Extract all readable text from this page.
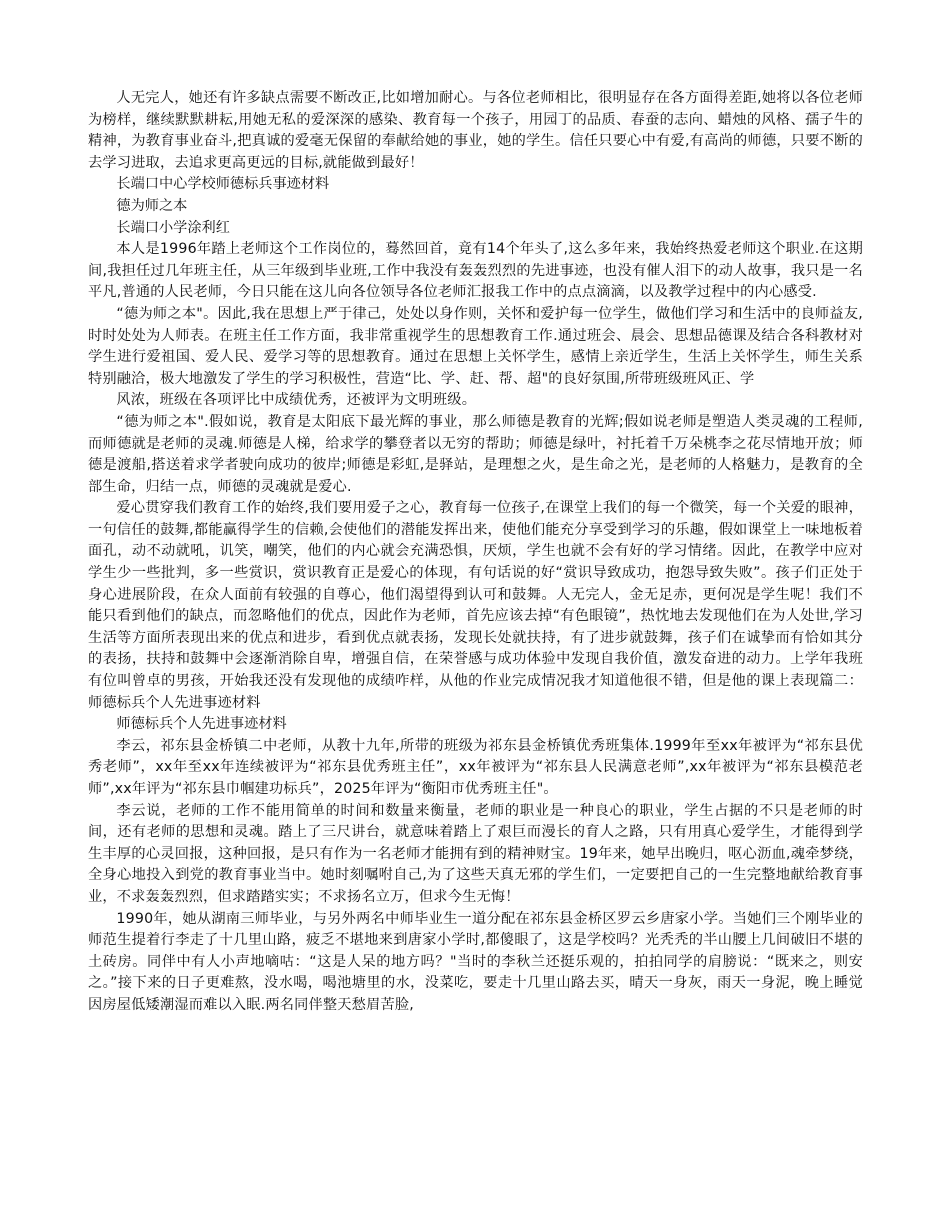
人无完人，她还有许多缺点需要不断改正,比如增加耐心。与各位老师相比，很明显存在各方面得差距,她将以各位老师为榜样，继续默默耕耘,用她无私的爱深深的感染、教育每一个孩子，用园丁的品质、春蚕的志向、蜡烛的风格、孺子牛的精神，为教育事业奋斗,把真诚的爱毫无保留的奉献给她的事业，她的学生。信任只要心中有爱,有高尚的师德，只要不断的去学习进取，去追求更高更远的目标,就能做到最好！

长端口中心学校师德标兵事迹材料

德为师之本

长端口小学涂利红

本人是1996年踏上老师这个工作岗位的，蓦然回首，竟有14个年头了,这么多年来，我始终热爱老师这个职业.在这期间,我担任过几年班主任，从三年级到毕业班,工作中我没有轰轰烈烈的先进事迹，也没有催人泪下的动人故事，我只是一名平凡,普通的人民老师，今日只能在这儿向各位领导各位老师汇报我工作中的点点滴滴，以及教学过程中的内心感受.

“德为师之本"。因此,我在思想上严于律己，处处以身作则，关怀和爱护每一位学生，做他们学习和生活中的良师益友,时时处处为人师表。在班主任工作方面，我非常重视学生的思想教育工作.通过班会、晨会、思想品德课及结合各科教材对学生进行爱祖国、爱人民、爱学习等的思想教育。通过在思想上关怀学生，感情上亲近学生，生活上关怀学生，师生关系特别融洽，极大地激发了学生的学习积极性，营造“比、学、赶、帮、超"的良好氛围,所带班级班风正、学

风浓，班级在各项评比中成绩优秀，还被评为文明班级。

“德为师之本".假如说，教育是太阳底下最光辉的事业，那么师德是教育的光辉;假如说老师是塑造人类灵魂的工程师,而师德就是老师的灵魂.师德是人梯，给求学的攀登者以无穷的帮助；师德是绿叶，衬托着千万朵桃李之花尽情地开放；师德是渡船,搭送着求学者驶向成功的彼岸;师德是彩虹,是驿站，是理想之火，是生命之光，是老师的人格魅力，是教育的全部生命，归结一点，师德的灵魂就是爱心.

爱心贯穿我们教育工作的始终,我们要用爱子之心，教育每一位孩子,在课堂上我们的每一个微笑，每一个关爱的眼神，一句信任的鼓舞,都能赢得学生的信赖,会使他们的潜能发挥出来，使他们能充分享受到学习的乐趣，假如课堂上一味地板着面孔，动不动就吼，讥笑，嘲笑，他们的内心就会充满恐惧，厌烦，学生也就不会有好的学习情绪。因此，在教学中应对学生少一些批判，多一些赏识，赏识教育正是爱心的体现，有句话说的好“赏识导致成功，抱怨导致失败”。孩子们正处于身心进展阶段，在众人面前有较强的自尊心，他们渴望得到认可和鼓舞。人无完人，金无足赤，更何况是学生呢！我们不能只看到他们的缺点，而忽略他们的优点，因此作为老师，首先应该去掉“有色眼镜”，热忱地去发现他们在为人处世,学习生活等方面所表现出来的优点和进步，看到优点就表扬，发现长处就扶持，有了进步就鼓舞，孩子们在诚挚而有恰如其分的表扬，扶持和鼓舞中会逐渐消除自卑，增强自信，在荣誉感与成功体验中发现自我价值，激发奋进的动力。上学年我班有位叫曾卓的男孩，开始我还没有发现他的成绩咋样，从他的作业完成情况我才知道他很不错，但是他的课上表现篇二：师德标兵个人先进事迹材料

师德标兵个人先进事迹材料

李云，祁东县金桥镇二中老师，从教十九年,所带的班级为祁东县金桥镇优秀班集体.1999年至xx年被评为“祁东县优秀老师”，xx年至xx年连续被评为“祁东县优秀班主任”，xx年被评为“祁东县人民满意老师”,xx年被评为“祁东县模范老师”,xx年评为“祁东县巾帼建功标兵”，2025年评为“衡阳市优秀班主任"。

李云说，老师的工作不能用简单的时间和数量来衡量，老师的职业是一种良心的职业，学生占据的不只是老师的时间，还有老师的思想和灵魂。踏上了三尺讲台，就意味着踏上了艰巨而漫长的育人之路，只有用真心爱学生，才能得到学生丰厚的心灵回报，这种回报，是只有作为一名老师才能拥有到的精神财宝。19年来，她早出晚归，呕心沥血,魂牵梦绕，全身心地投入到党的教育事业当中。她时刻嘱咐自己,为了这些天真无邪的学生们，一定要把自己的一生完整地献给教育事业，不求轰轰烈烈，但求踏踏实实；不求扬名立万，但求今生无悔！

1990年，她从湖南三师毕业，与另外两名中师毕业生一道分配在祁东县金桥区罗云乡唐家小学。当她们三个刚毕业的师范生提着行李走了十几里山路，疲乏不堪地来到唐家小学时,都傻眼了，这是学校吗？光秃秃的半山腰上几间破旧不堪的土砖房。同伴中有人小声地嘀咕：“这是人呆的地方吗？"当时的李秋兰还挺乐观的，拍拍同学的肩膀说：“既来之，则安之。”接下来的日子更难熬，没水喝，喝池塘里的水，没菜吃，要走十几里山路去买，晴天一身灰，雨天一身泥，晚上睡觉因房屋低矮潮湿而难以入眠.两名同伴整天愁眉苦脸,
